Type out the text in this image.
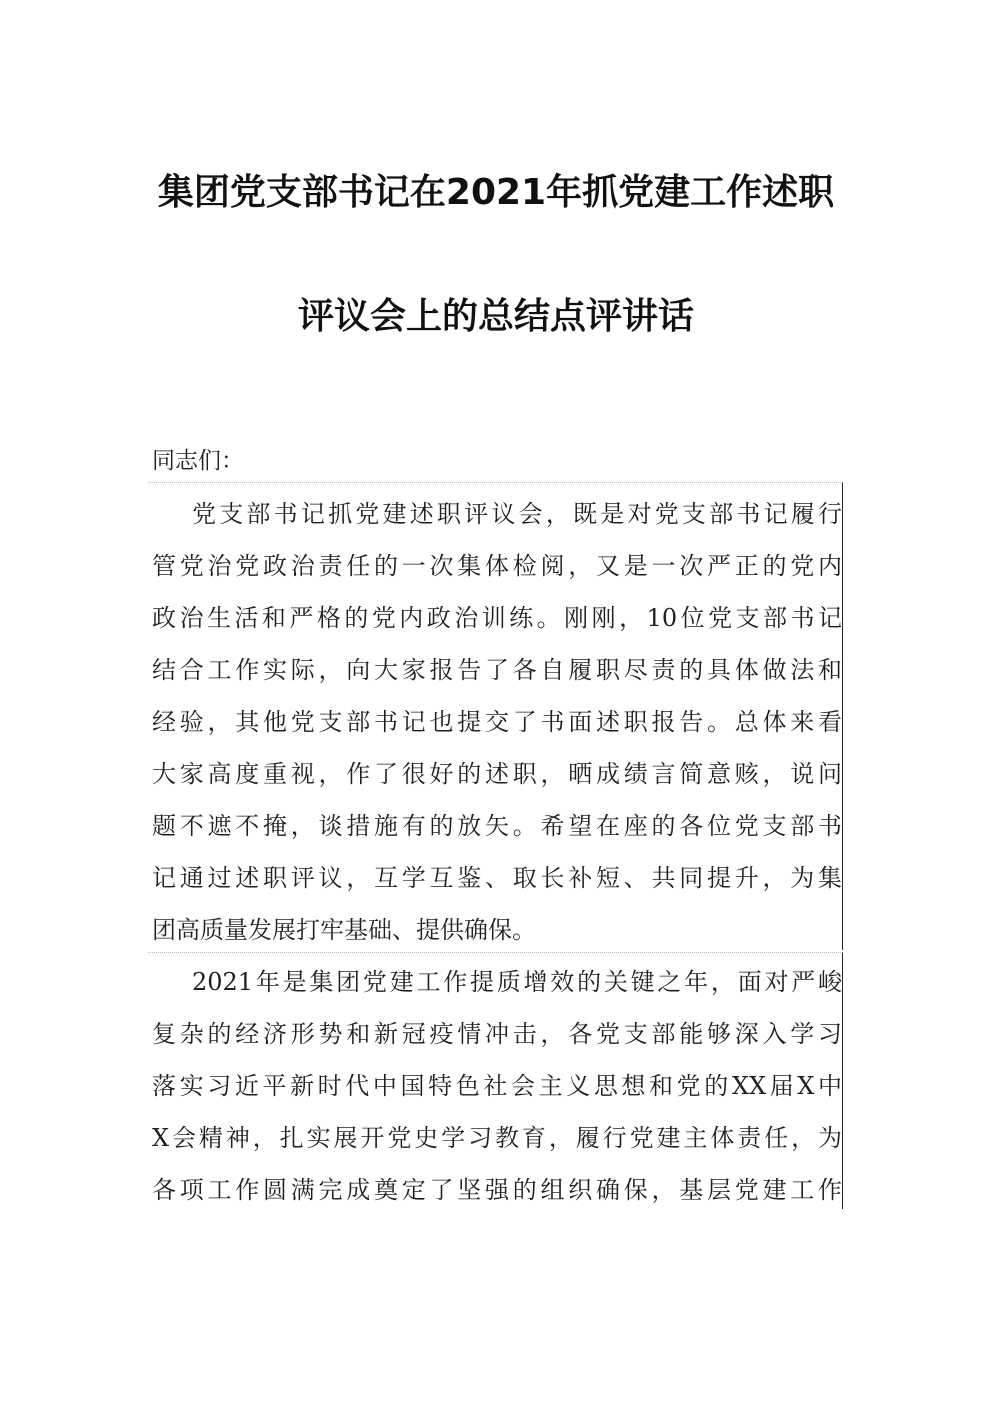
集团党支部书记在2021年抓党建工作述职
评议会上的总结点评讲话
同志们：
党支部书记抓党建述职评议会，既是对党支部书记履行
管党治党政治责任的一次集体检阅，又是一次严正的党内
政治生活和严格的党内政治训练。刚刚，10位党支部书记
结合工作实际，向大家报告了各自履职尽责的具体做法和
经验，其他党支部书记也提交了书面述职报告。总体来看
大家高度重视，作了很好的述职，晒成绩言简意赅，说问
题不遮不掩，谈措施有的放矢。希望在座的各位党支部书
记通过述职评议，互学互鉴、取长补短、共同提升，为集
团高质量发展打牢基础、提供确保。
2021年是集团党建工作提质增效的关键之年，面对严峻
复杂的经济形势和新冠疫情冲击，各党支部能够深入学习
落实习近平新时代中国特色社会主义思想和党的XX届X中
X会精神，扎实展开党史学习教育，履行党建主体责任，为
各项工作圆满完成奠定了坚强的组织确保，基层党建工作
